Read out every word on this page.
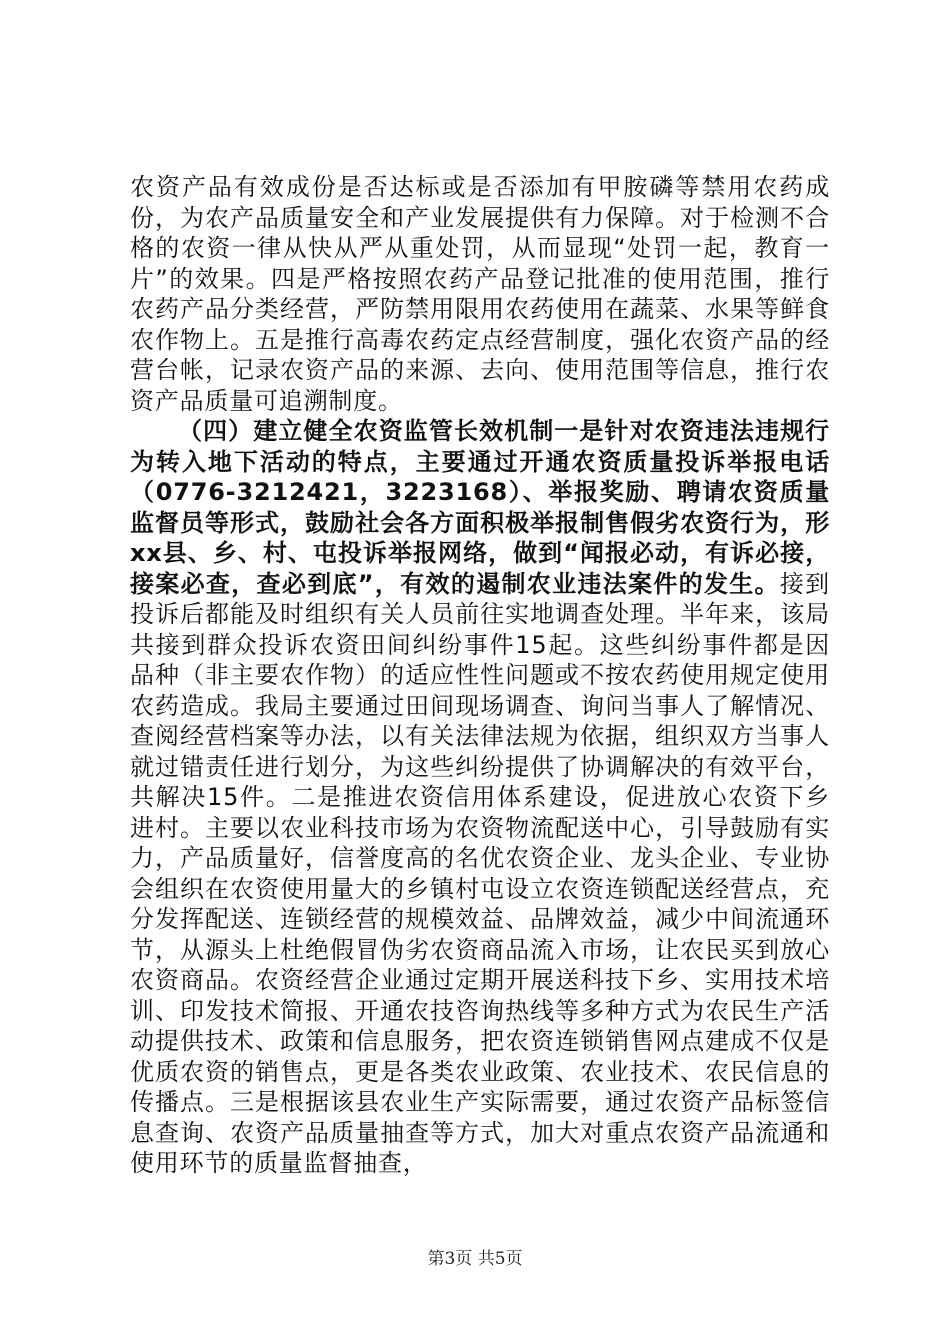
农资产品有效成份是否达标或是否添加有甲胺磷等禁用农药成份，为农产品质量安全和产业发展提供有力保障。对于检测不合格的农资一律从快从严从重处罚，从而显现“处罚一起，教育一片”的效果。四是严格按照农药产品登记批准的使用范围，推行农药产品分类经营，严防禁用限用农药使用在蔬菜、水果等鲜食农作物上。五是推行高毒农药定点经营制度，强化农资产品的经营台帐，记录农资产品的来源、去向、使用范围等信息，推行农资产品质量可追溯制度。

（四）建立健全农资监管长效机制一是针对农资违法违规行为转入地下活动的特点，主要通过开通农资质量投诉举报电话（0776-3212421，3223168）、举报奖励、聘请农资质量监督员等形式，鼓励社会各方面积极举报制售假劣农资行为，形xx县、乡、村、屯投诉举报网络，做到“闻报必动，有诉必接，接案必查，查必到底”，有效的遏制农业违法案件的发生。接到投诉后都能及时组织有关人员前往实地调查处理。半年来，该局共接到群众投诉农资田间纠纷事件15起。这些纠纷事件都是因品种（非主要农作物）的适应性性问题或不按农药使用规定使用农药造成。我局主要通过田间现场调查、询问当事人了解情况、查阅经营档案等办法，以有关法律法规为依据，组织双方当事人就过错责任进行划分，为这些纠纷提供了协调解决的有效平台，共解决15件。二是推进农资信用体系建设，促进放心农资下乡进村。主要以农业科技市场为农资物流配送中心，引导鼓励有实力，产品质量好，信誉度高的名优农资企业、龙头企业、专业协会组织在农资使用量大的乡镇村屯设立农资连锁配送经营点，充分发挥配送、连锁经营的规模效益、品牌效益，减少中间流通环节，从源头上杜绝假冒伪劣农资商品流入市场，让农民买到放心农资商品。农资经营企业通过定期开展送科技下乡、实用技术培训、印发技术简报、开通农技咨询热线等多种方式为农民生产活动提供技术、政策和信息服务，把农资连锁销售网点建成不仅是优质农资的销售点，更是各类农业政策、农业技术、农民信息的传播点。三是根据该县农业生产实际需要，通过农资产品标签信息查询、农资产品质量抽查等方式，加大对重点农资产品流通和使用环节的质量监督抽查，

第3页 共5页
